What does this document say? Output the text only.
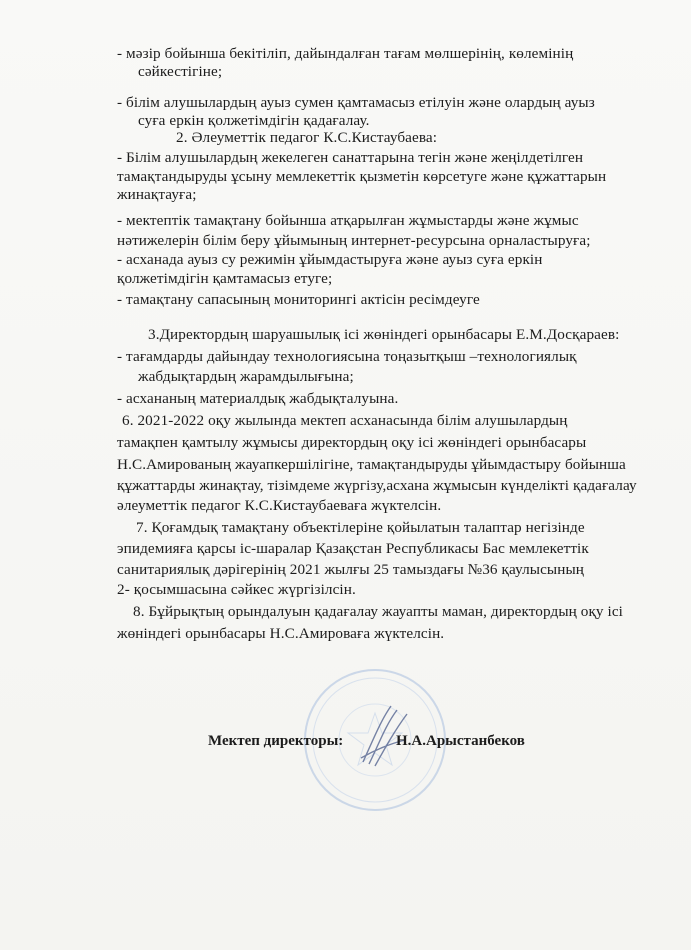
- мәзір бойынша бекітіліп, дайындалған тағам мөлшерінің, көлемінің
сәйкестігіне;
- білім алушылардың ауыз сумен қамтамасыз етілуін және олардың ауыз
суға еркін қолжетімдігін қадағалау.
2. Әлеуметтік педагог К.С.Кистаубаева:
- Білім алушылардың жекелеген санаттарына тегін және жеңілдетілген
тамақтандыруды ұсыну мемлекеттік қызметін көрсетуге және құжаттарын
жинақтауға;
- мектептік тамақтану бойынша атқарылған жұмыстарды және жұмыс
нәтижелерін білім беру ұйымының интернет-ресурсына орналастыруға;
- асханада ауыз су режимін ұйымдастыруға және ауыз суға еркін
қолжетімдігін қамтамасыз етуге;
- тамақтану сапасының мониторингі актісін ресімдеуге
3.Директордың шаруашылық ісі жөніндегі орынбасары Е.М.Досқараев:
- тағамдарды дайындау технологиясына тоңазытқыш –технологиялық
жабдықтардың жарамдылығына;
- асхананың материалдық жабдықталуына.
6. 2021-2022 оқу жылында мектеп асханасында білім алушылардың
тамақпен қамтылу жұмысы директордың оқу ісі жөніндегі орынбасары
Н.С.Амированың жауапкершілігіне, тамақтандыруды ұйымдастыру бойынша
құжаттарды жинақтау, тізімдеме жүргізу,асхана жұмысын күнделікті қадағалау
әлеуметтік педагог К.С.Кистаубаеваға жүктелсін.
7. Қоғамдық тамақтану объектілеріне қойылатын талаптар негізінде
эпидемияға қарсы іс-шаралар Қазақстан Республикасы Бас мемлекеттік
санитариялық дәрігерінің 2021 жылғы 25 тамыздағы №36 қаулысының
2- қосымшасына сәйкес жүргізілсін.
8. Бұйрықтың орындалуын қадағалау жауапты маман, директордың оқу ісі
жөніндегі орынбасары Н.С.Амироваға жүктелсін.
Мектеп директоры:	Н.А.Арыстанбеков
